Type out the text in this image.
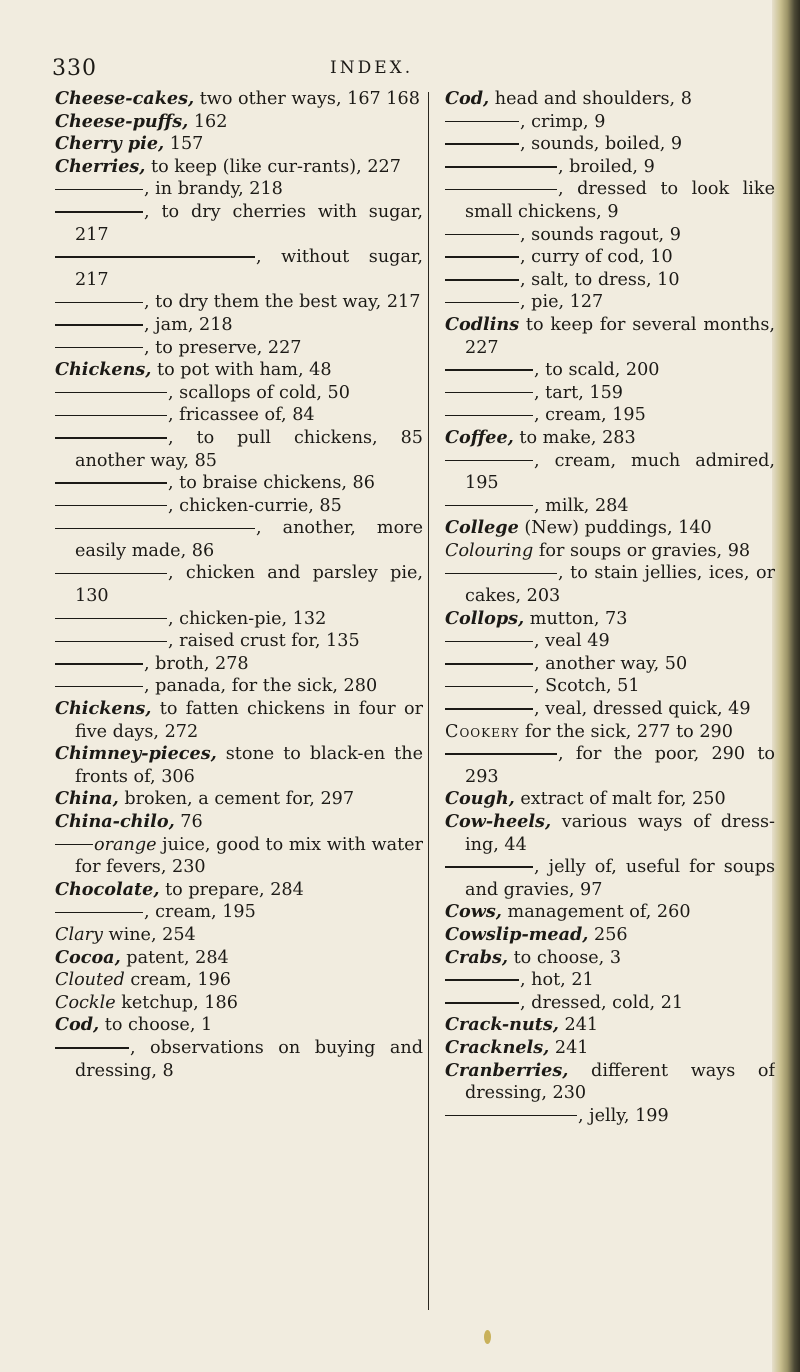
330	INDEX.
Cheese-cakes, two other ways, 167 168
Cheese-puffs, 162
Cherry pie, 157
Cherries, to keep (like cur-rants), 227
, in brandy, 218
, to dry cherries with sugar, 217
, without sugar, 217
, to dry them the best way, 217
, jam, 218
, to preserve, 227
Chickens, to pot with ham, 48
, scallops of cold, 50
, fricassee of, 84
, to pull chickens, 85 another way, 85
, to braise chickens, 86
, chicken-currie, 85
, another, more easily made, 86
, chicken and parsley pie, 130
, chicken-pie, 132
, raised crust for, 135
, broth, 278
, panada, for the sick, 280
Chickens, to fatten chickens in four or five days, 272
Chimney-pieces, stone to black-en the fronts of, 306
China, broken, a cement for, 297
China-chilo, 76
orange juice, good to mix with water for fevers, 230
Chocolate, to prepare, 284
, cream, 195
Clary wine, 254
Cocoa, patent, 284
Clouted cream, 196
Cockle ketchup, 186
Cod, to choose, 1
, observations on buying and dressing, 8
Cod, head and shoulders, 8
, crimp, 9
, sounds, boiled, 9
, broiled, 9
, dressed to look like small chickens, 9
, sounds ragout, 9
, curry of cod, 10
, salt, to dress, 10
, pie, 127
Codlins to keep for several months, 227
, to scald, 200
, tart, 159
, cream, 195
Coffee, to make, 283
, cream, much admired, 195
, milk, 284
College (New) puddings, 140
Colouring for soups or gravies, 98
, to stain jellies, ices, or cakes, 203
Collops, mutton, 73
, veal 49
, another way, 50
, Scotch, 51
, veal, dressed quick, 49
Cookery for the sick, 277 to 290
, for the poor, 290 to 293
Cough, extract of malt for, 250
Cow-heels, various ways of dress-ing, 44
, jelly of, useful for soups and gravies, 97
Cows, management of, 260
Cowslip-mead, 256
Crabs, to choose, 3
, hot, 21
, dressed, cold, 21
Crack-nuts, 241
Cracknels, 241
Cranberries, different ways of dressing, 230
, jelly, 199
